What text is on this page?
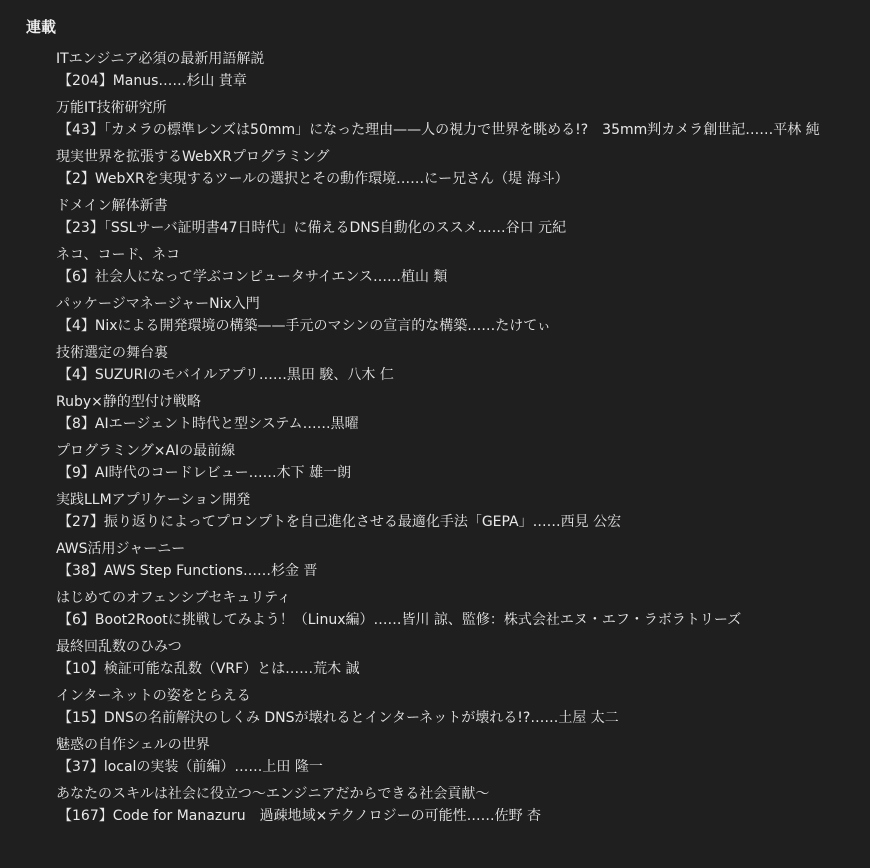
連載
ITエンジニア必須の最新用語解説
【204】Manus……杉山 貴章
万能IT技術研究所
【43】「カメラの標準レンズは50mm」になった理由——人の視力で世界を眺める!?　35mm判カメラ創世記……平林 純
現実世界を拡張するWebXRプログラミング
【2】WebXRを実現するツールの選択とその動作環境……にー兄さん（堤 海斗）
ドメイン解体新書
【23】「SSLサーバ証明書47日時代」に備えるDNS自動化のススメ……谷口 元紀
ネコ、コード、ネコ
【6】社会人になって学ぶコンピュータサイエンス……植山 類
パッケージマネージャーNix入門
【4】Nixによる開発環境の構築——手元のマシンの宣言的な構築……たけてぃ
技術選定の舞台裏
【4】SUZURIのモバイルアプリ……黒田 駿、八木 仁
Ruby×静的型付け戦略
【8】AIエージェント時代と型システム……黒曜
プログラミング×AIの最前線
【9】AI時代のコードレビュー……木下 雄一朗
実践LLMアプリケーション開発
【27】振り返りによってプロンプトを自己進化させる最適化手法「GEPA」……西見 公宏
AWS活用ジャーニー
【38】AWS Step Functions……杉金 晋
はじめてのオフェンシブセキュリティ
【6】Boot2Rootに挑戦してみよう！（Linux編）……皆川 諒、監修：株式会社エヌ・エフ・ラボラトリーズ
最終回乱数のひみつ
【10】検証可能な乱数（VRF）とは……荒木 誠
インターネットの姿をとらえる
【15】DNSの名前解決のしくみ DNSが壊れるとインターネットが壊れる!?……土屋 太二
魅惑の自作シェルの世界
【37】localの実装（前編）……上田 隆一
あなたのスキルは社会に役立つ〜エンジニアだからできる社会貢献〜
【167】Code for Manazuru　過疎地域×テクノロジーの可能性……佐野 杏
